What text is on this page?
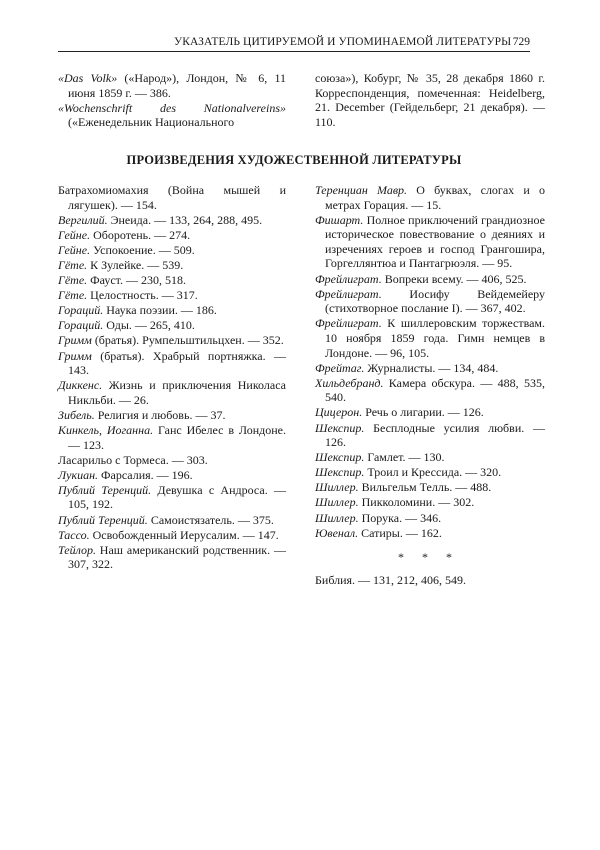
УКАЗАТЕЛЬ ЦИТИРУЕМОЙ И УПОМИНАЕМОЙ ЛИТЕРАТУРЫ 729

«Das Volk» («Народ»), Лондон, № 6, 11 июня 1859 г. — 386.

«Wochenschrift des Nationalvereins» («Еженедельник Национального

союза»), Кобург, № 35, 28 декабря 1860 г. Корреспонденция, помеченная: Heidelberg, 21. December (Гейдельберг, 21 декабря). — 110.

ПРОИЗВЕДЕНИЯ ХУДОЖЕСТВЕННОЙ ЛИТЕРАТУРЫ

Батрахомиомахия (Война мышей и лягушек). — 154.

Вергилий. Энеида. — 133, 264, 288, 495.

Гейне. Оборотень. — 274.

Гейне. Успокоение. — 509.

Гёте. К Зулейке. — 539.

Гёте. Фауст. — 230, 518.

Гёте. Целостность. — 317.

Гораций. Наука поэзии. — 186.

Гораций. Оды. — 265, 410.

Гримм (братья). Румпельштильцхен. — 352.

Гримм (братья). Храбрый портняжка. — 143.

Диккенс. Жизнь и приключения Николаса Никльби. — 26.

Зибель. Религия и любовь. — 37.

Кинкель, Иоганна. Ганс Ибелес в Лондоне. — 123.

Ласарильо с Тормеса. — 303.

Лукиан. Фарсалия. — 196.

Публий Теренций. Девушка с Андроса. — 105, 192.

Публий Теренций. Самоистязатель. — 375.

Тассо. Освобожденный Иерусалим. — 147.

Тейлор. Наш американский родственник. — 307, 322.

Теренциан Мавр. О буквах, слогах и о метрах Горация. — 15.

Фишарт. Полное приключений грандиозное историческое повествование о деяниях и изречениях героев и господ Грангошира, Горгеллянтюа и Пантагрюэля. — 95.

Фрейлиграт. Вопреки всему. — 406, 525.

Фрейлиграт. Иосифу Вейдемейеру (стихотворное послание I). — 367, 402.

Фрейлиграт. К шиллеровским торжествам. 10 ноября 1859 года. Гимн немцев в Лондоне. — 96, 105.

Фрейтаг. Журналисты. — 134, 484.

Хильдебранд. Камера обскура. — 488, 535, 540.

Цицерон. Речь о лигарии. — 126.

Шекспир. Бесплодные усилия любви. — 126.

Шекспир. Гамлет. — 130.

Шекспир. Троил и Крессида. — 320.

Шиллер. Вильгельм Телль. — 488.

Шиллер. Пикколомини. — 302.

Шиллер. Порука. — 346.

Ювенал. Сатиры. — 162.

* * *

Библия. — 131, 212, 406, 549.
